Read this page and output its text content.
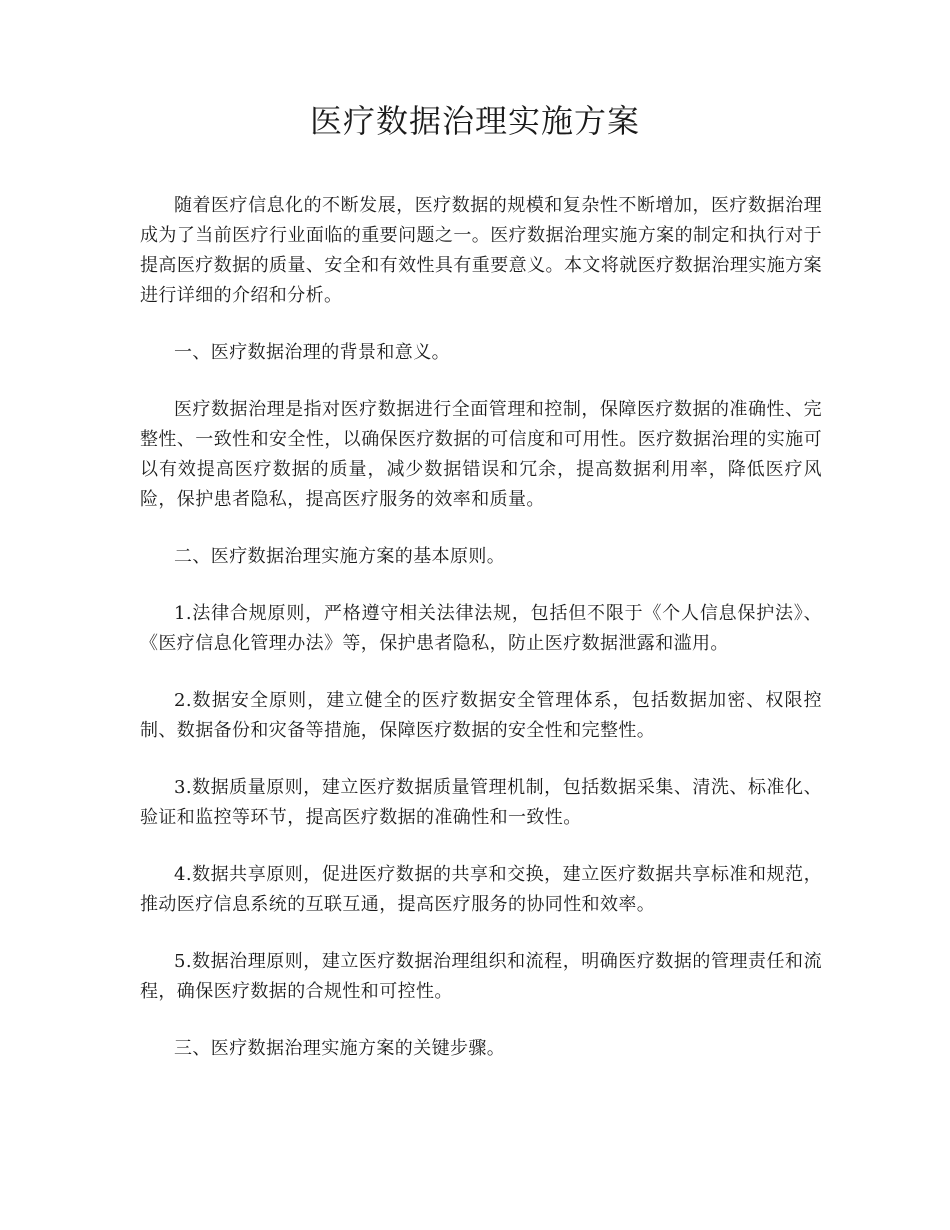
医疗数据治理实施方案

随着医疗信息化的不断发展，医疗数据的规模和复杂性不断增加，医疗数据治理成为了当前医疗行业面临的重要问题之一。医疗数据治理实施方案的制定和执行对于提高医疗数据的质量、安全和有效性具有重要意义。本文将就医疗数据治理实施方案进行详细的介绍和分析。

一、医疗数据治理的背景和意义。

医疗数据治理是指对医疗数据进行全面管理和控制，保障医疗数据的准确性、完整性、一致性和安全性，以确保医疗数据的可信度和可用性。医疗数据治理的实施可以有效提高医疗数据的质量，减少数据错误和冗余，提高数据利用率，降低医疗风险，保护患者隐私，提高医疗服务的效率和质量。

二、医疗数据治理实施方案的基本原则。

1.法律合规原则，严格遵守相关法律法规，包括但不限于《个人信息保护法》、《医疗信息化管理办法》等，保护患者隐私，防止医疗数据泄露和滥用。

2.数据安全原则，建立健全的医疗数据安全管理体系，包括数据加密、权限控制、数据备份和灾备等措施，保障医疗数据的安全性和完整性。

3.数据质量原则，建立医疗数据质量管理机制，包括数据采集、清洗、标准化、验证和监控等环节，提高医疗数据的准确性和一致性。

4.数据共享原则，促进医疗数据的共享和交换，建立医疗数据共享标准和规范，推动医疗信息系统的互联互通，提高医疗服务的协同性和效率。

5.数据治理原则，建立医疗数据治理组织和流程，明确医疗数据的管理责任和流程，确保医疗数据的合规性和可控性。

三、医疗数据治理实施方案的关键步骤。
